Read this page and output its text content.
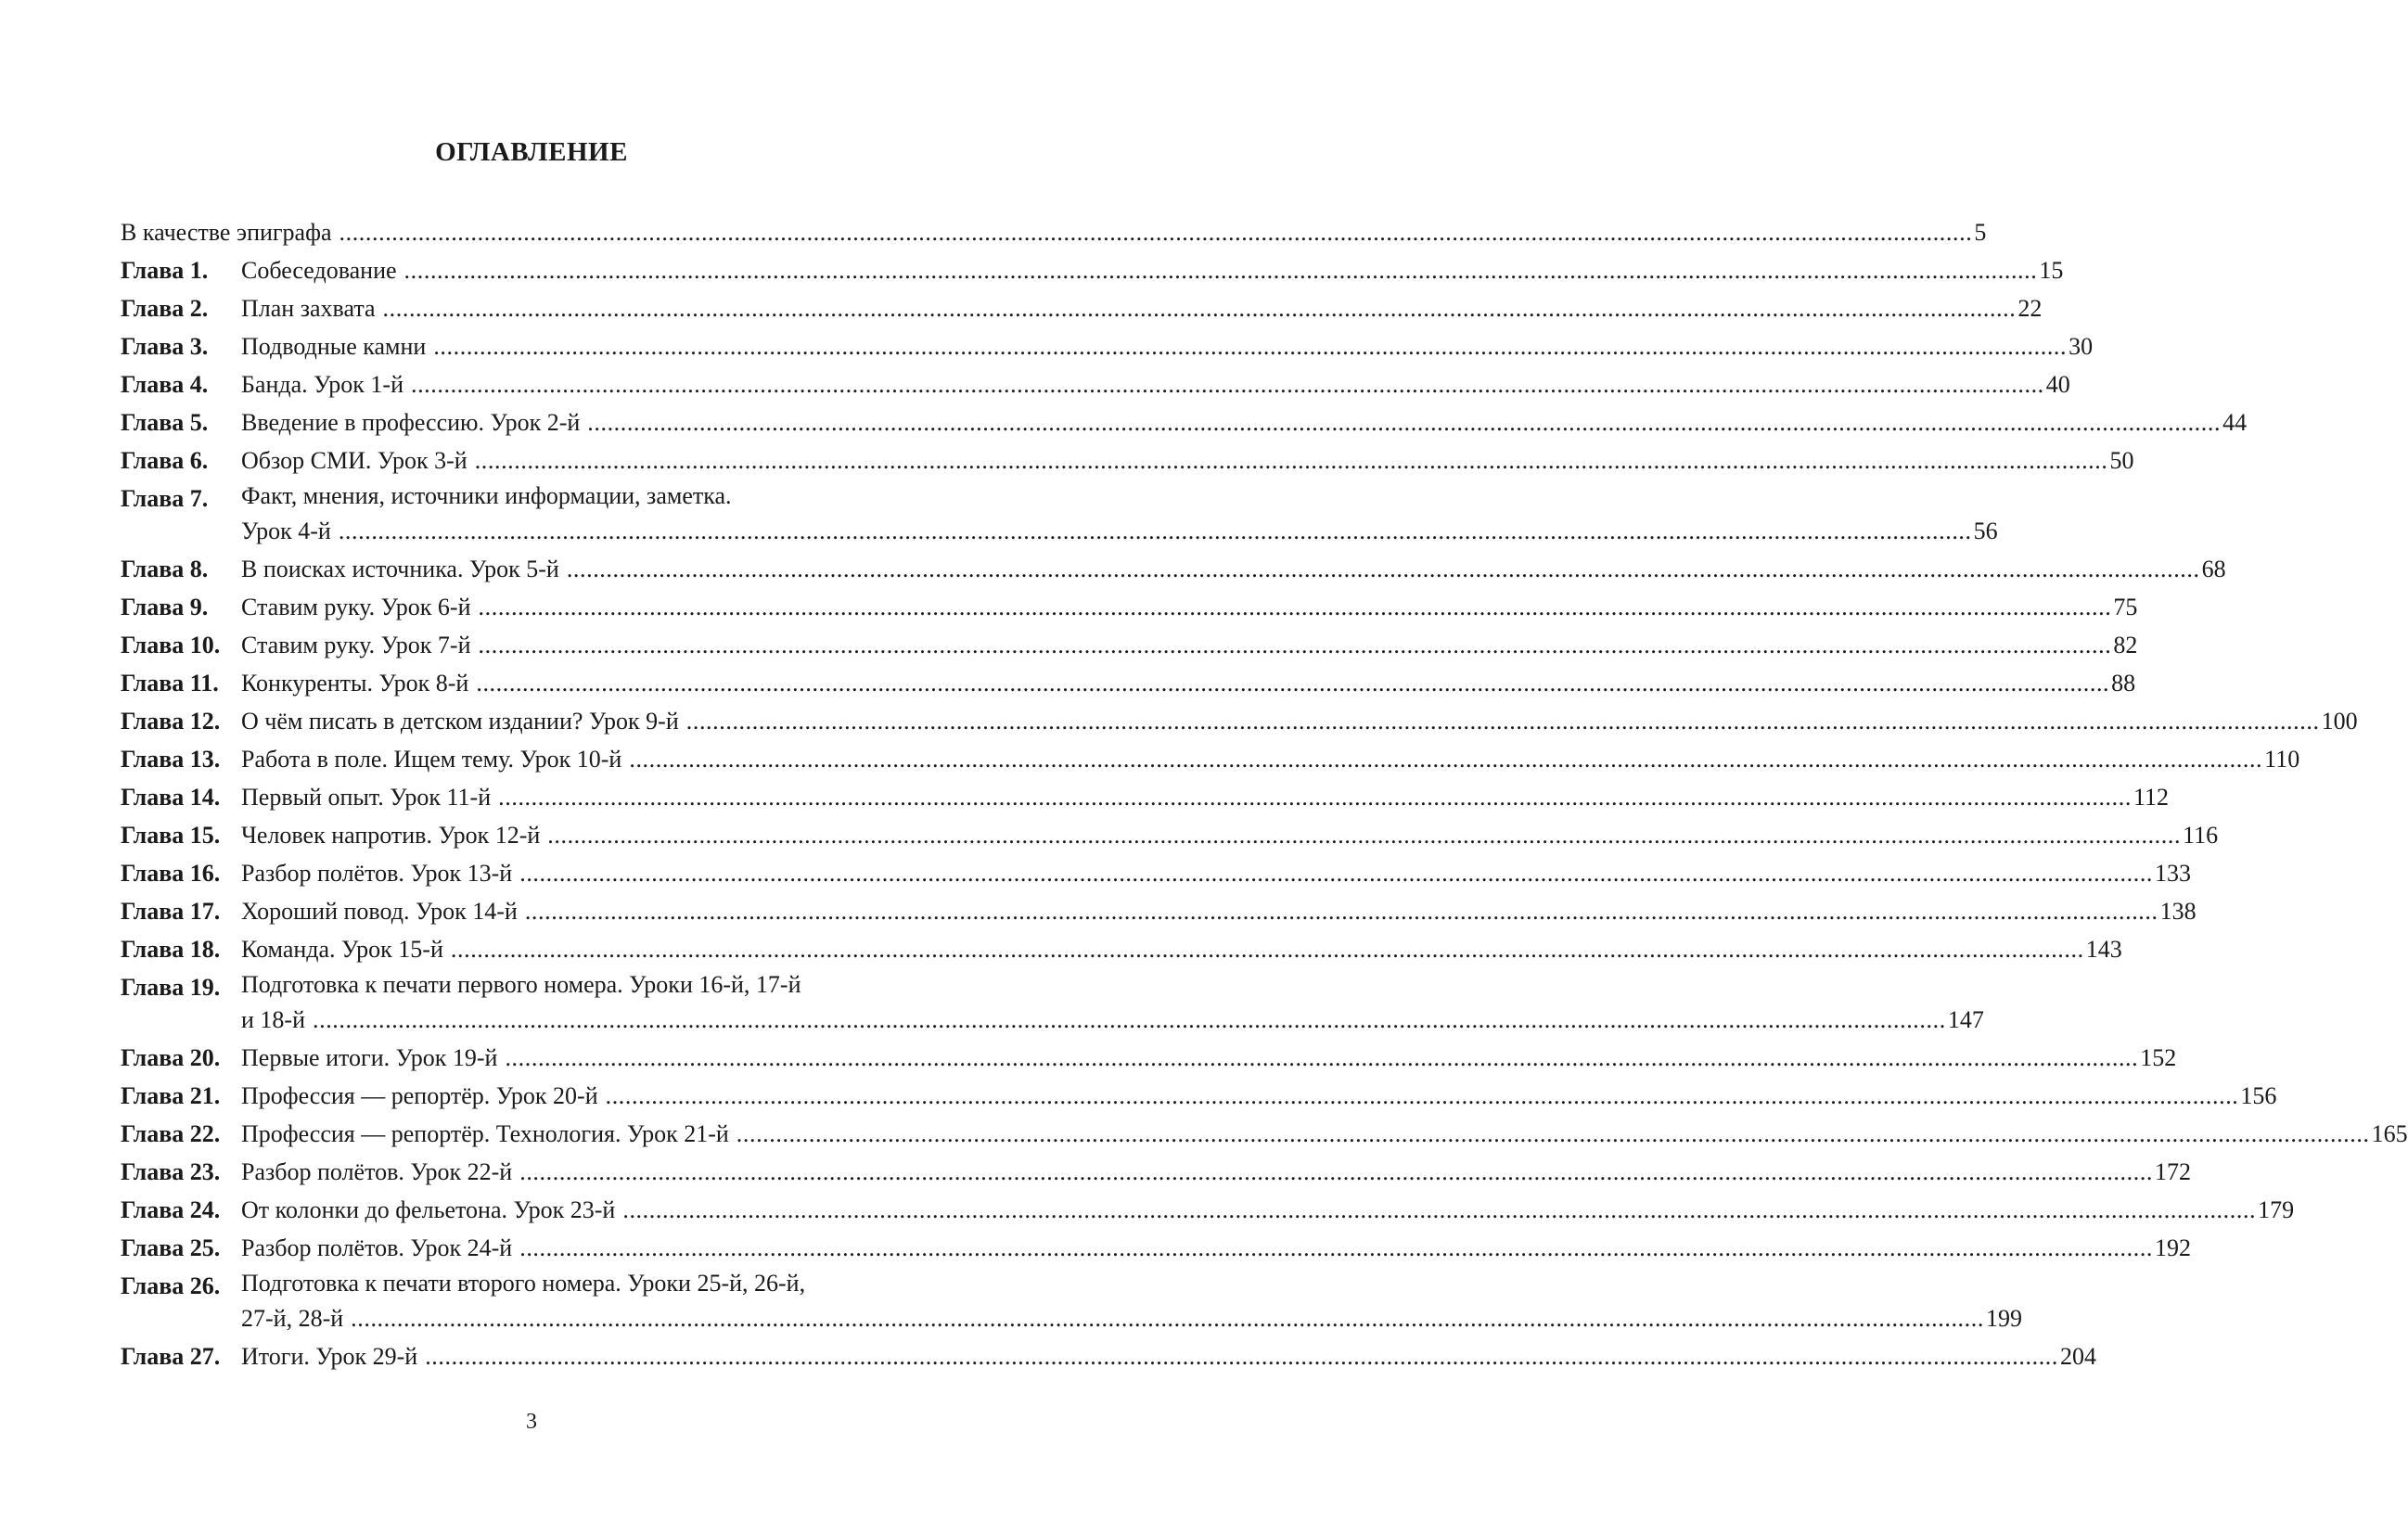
ОГЛАВЛЕНИЕ
В качестве эпиграфа .....	5
Глава 1.	Собеседование .....	15
Глава 2.	План захвата .....	22
Глава 3.	Подводные камни .....	30
Глава 4.	Банда. Урок 1-й .....	40
Глава 5.	Введение в профессию. Урок 2-й .....	44
Глава 6.	Обзор СМИ. Урок 3-й .....	50
Глава 7.	Факт, мнения, источники информации, заметка.
Урок 4-й .....	56
Глава 8.	В поисках источника. Урок 5-й .....	68
Глава 9.	Ставим руку. Урок 6-й .....	75
Глава 10. Ставим руку. Урок 7-й .....	82
Глава 11. Конкуренты. Урок 8-й .....	88
Глава 12. О чём писать в детском издании? Урок 9-й .....	100
Глава 13. Работа в поле. Ищем тему. Урок 10-й .....	110
Глава 14. Первый опыт. Урок 11-й .....	112
Глава 15. Человек напротив. Урок 12-й .....	116
Глава 16. Разбор полётов. Урок 13-й .....	133
Глава 17. Хороший повод. Урок 14-й .....	138
Глава 18. Команда. Урок 15-й .....	143
Глава 19. Подготовка к печати первого номера. Уроки 16-й, 17-й
и 18-й .....	147
Глава 20. Первые итоги. Урок 19-й .....	152
Глава 21. Профессия — репортёр. Урок 20-й .....	156
Глава 22. Профессия — репортёр. Технология. Урок 21-й .....	165
Глава 23. Разбор полётов. Урок 22-й .....	172
Глава 24. От колонки до фельетона. Урок 23-й .....	179
Глава 25. Разбор полётов. Урок 24-й .....	192
Глава 26. Подготовка к печати второго номера. Уроки 25-й, 26-й,
27-й, 28-й .....	199
Глава 27. Итоги. Урок 29-й .....	204
3
